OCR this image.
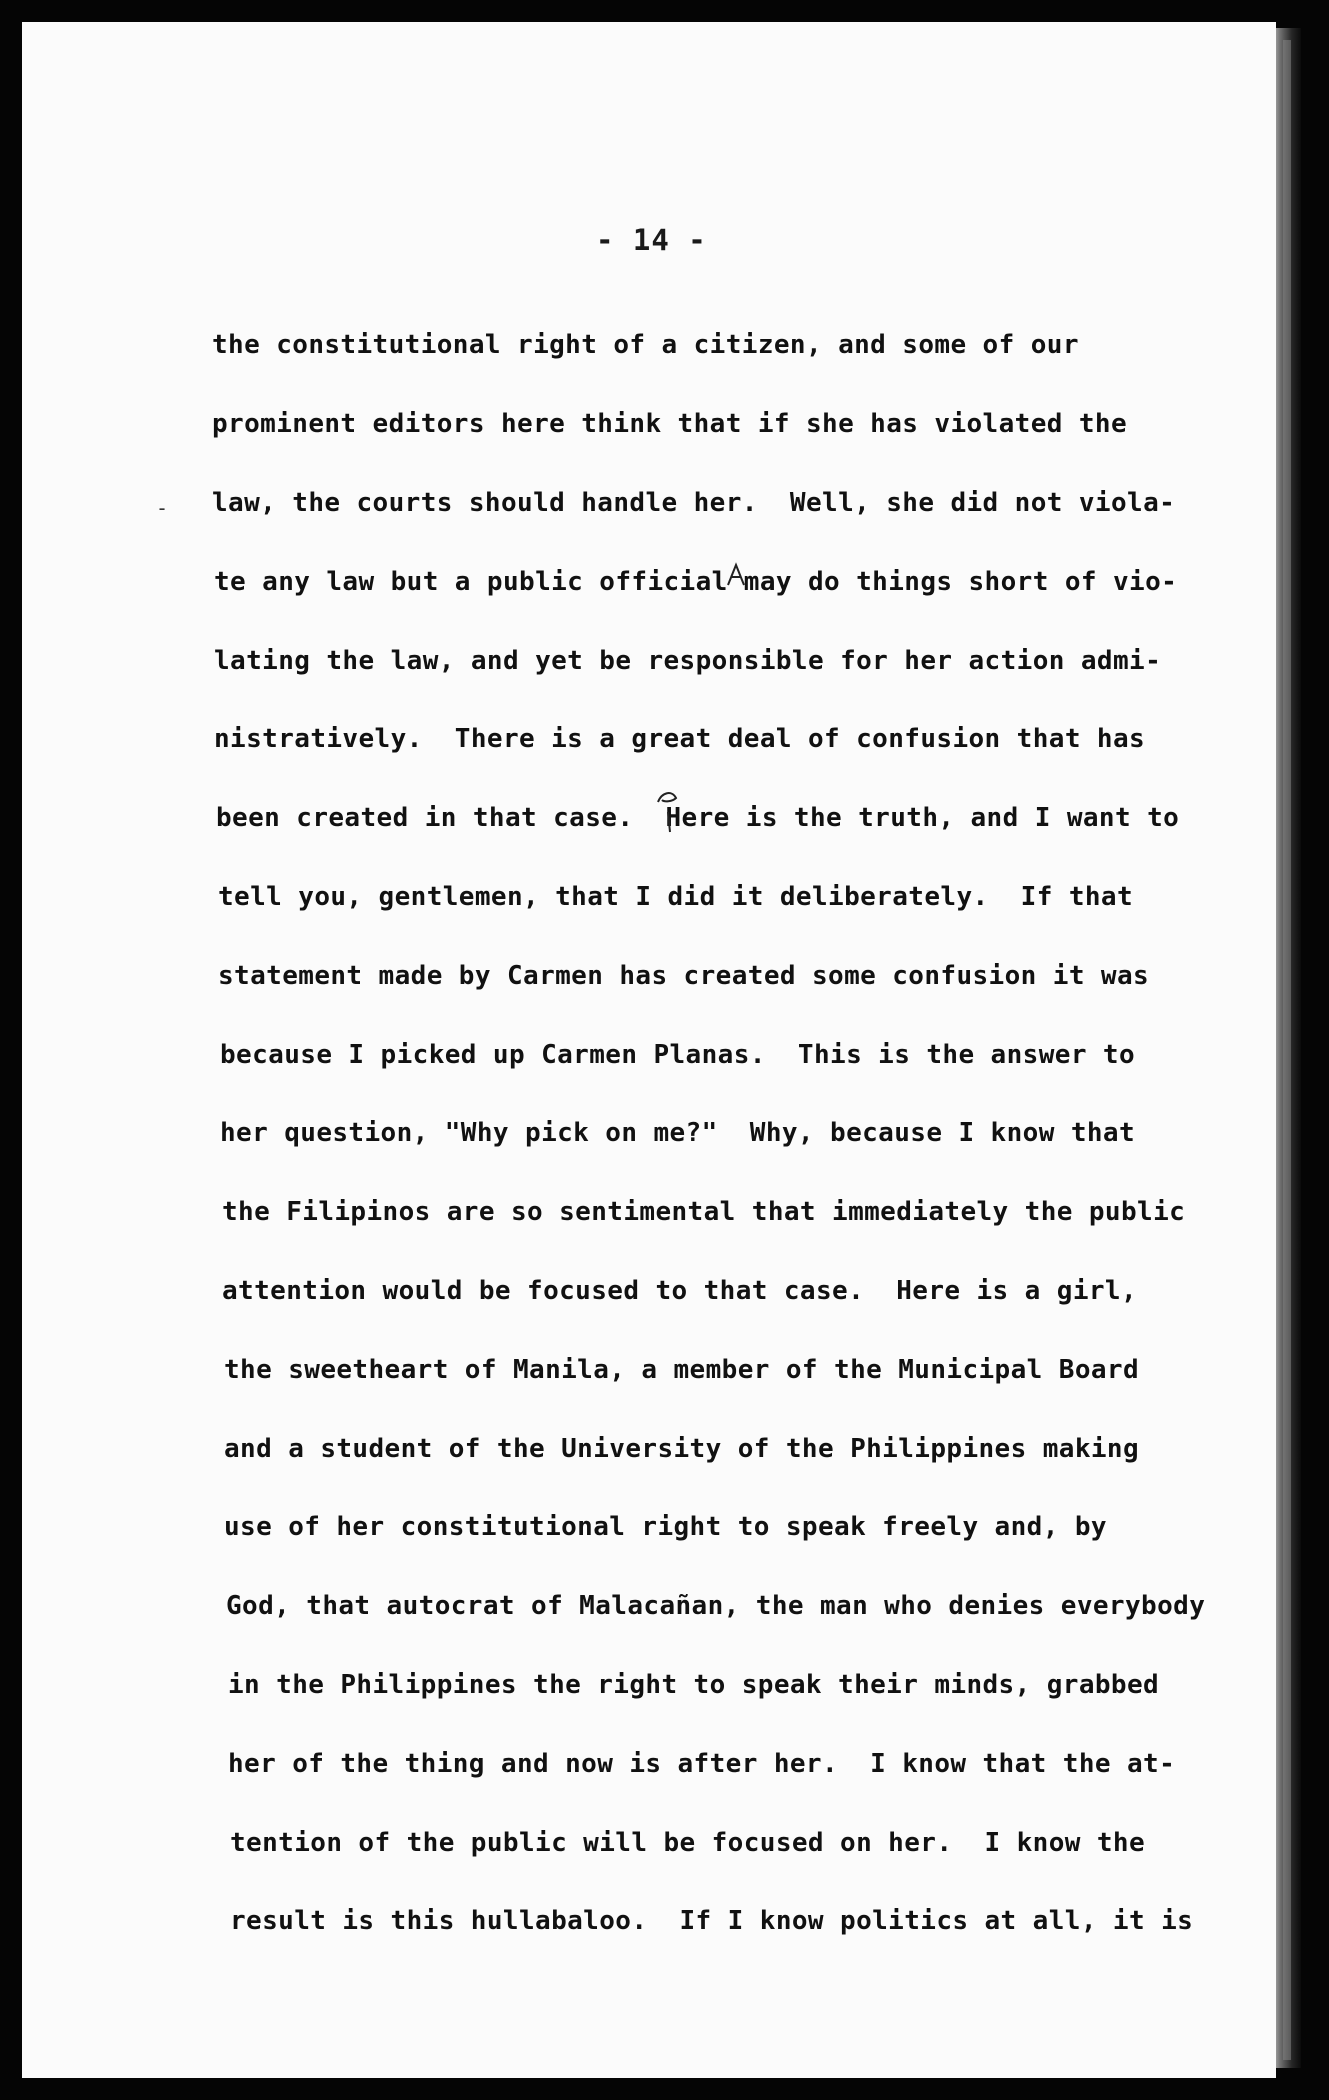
- 14 -
-
the constitutional right of a citizen, and some of our
prominent editors here think that if she has violated the
law, the courts should handle her.  Well, she did not viola-
te any law but a public official may do things short of vio-
lating the law, and yet be responsible for her action admi-
nistratively.  There is a great deal of confusion that has
been created in that case.  Here is the truth, and I want to
tell you, gentlemen, that I did it deliberately.  If that
statement made by Carmen has created some confusion it was
because I picked up Carmen Planas.  This is the answer to
her question, "Why pick on me?"  Why, because I know that
the Filipinos are so sentimental that immediately the public
attention would be focused to that case.  Here is a girl,
the sweetheart of Manila, a member of the Municipal Board
and a student of the University of the Philippines making
use of her constitutional right to speak freely and, by
God, that autocrat of Malacañan, the man who denies everybody
in the Philippines the right to speak their minds, grabbed
her of the thing and now is after her.  I know that the at-
tention of the public will be focused on her.  I know the
result is this hullabaloo.  If I know politics at all, it is
